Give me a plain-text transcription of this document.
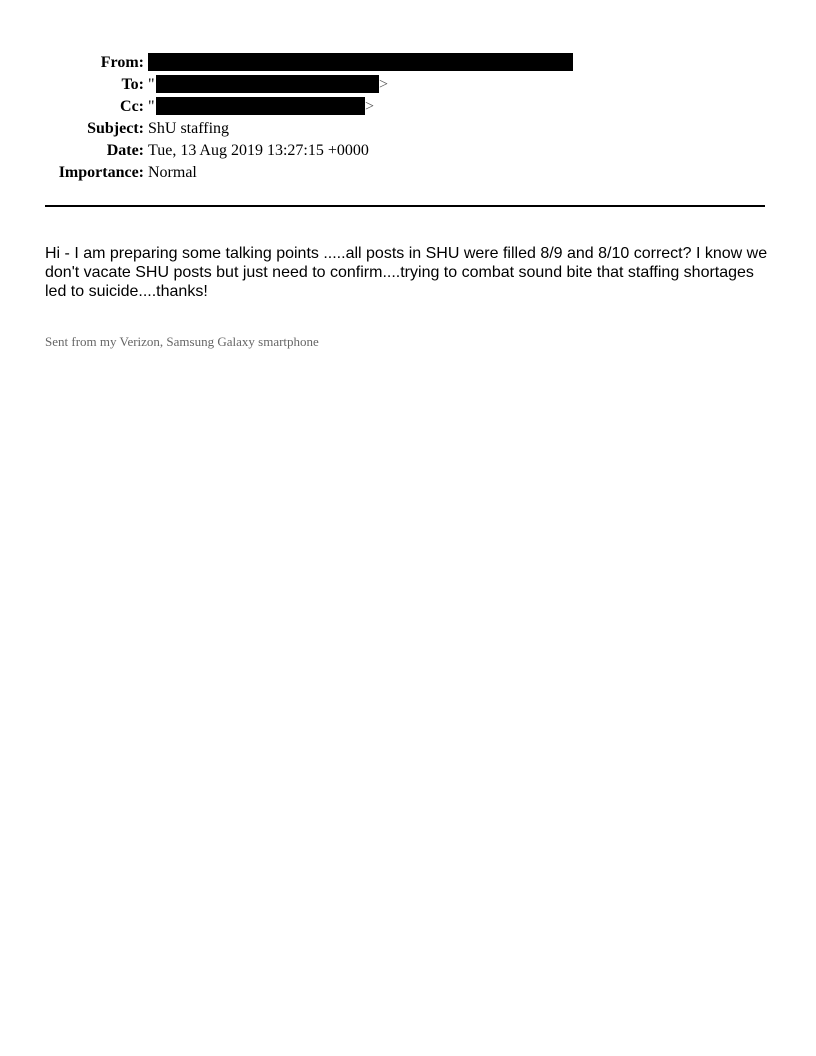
From:
To: "	>
Cc: "	>
Subject: ShU staffing
Date: Tue, 13 Aug 2019 13:27:15 +0000
Importance: Normal

Hi - I am preparing some talking points .....all posts in SHU were filled 8/9 and 8/10 correct? I know we don't vacate SHU posts but just need to confirm....trying to combat sound bite that staffing shortages led to suicide....thanks!

Sent from my Verizon, Samsung Galaxy smartphone
